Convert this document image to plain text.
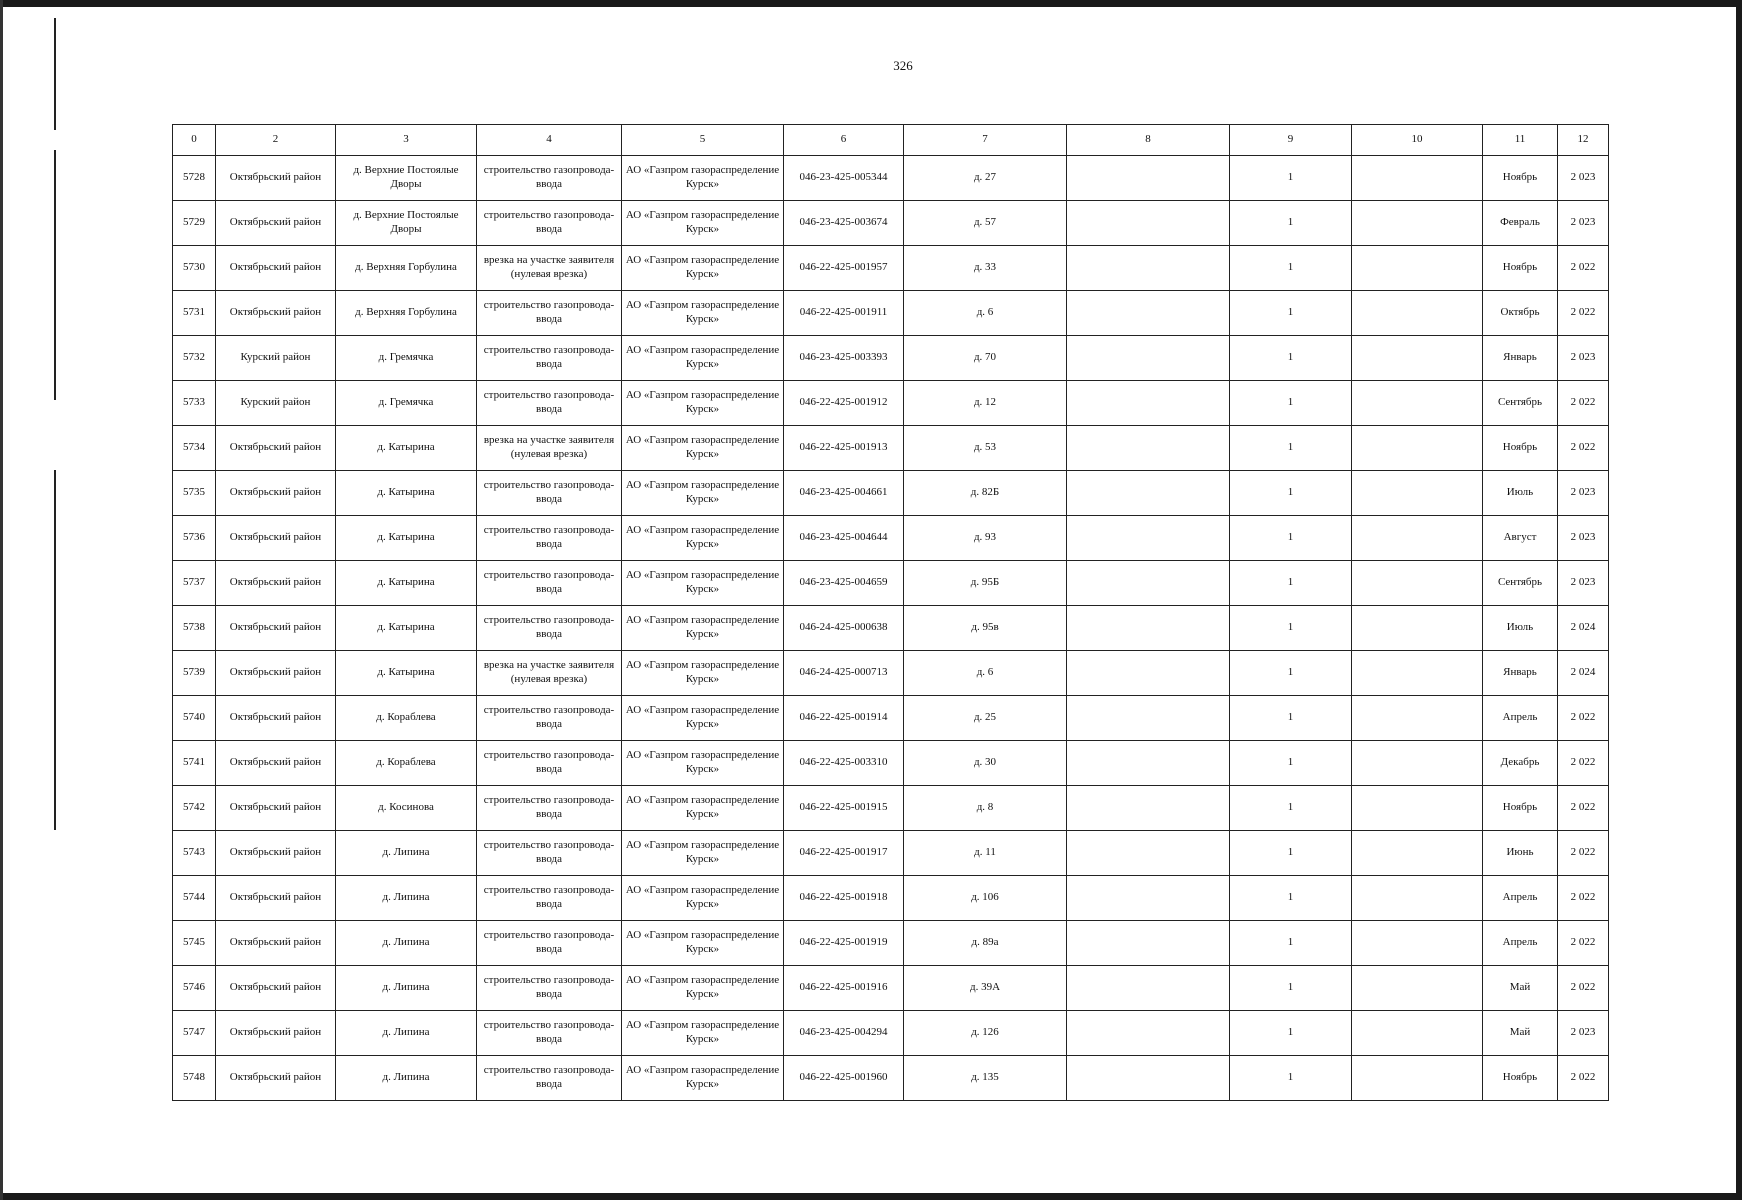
326
0	2	3	4	5	6	7	8	9	10	11	12
5728	Октябрьский район	д. Верхние Постоялые Дворы	строительство газопровода-ввода	АО «Газпром газораспределение Курск»	046-23-425-005344	д. 27		1		Ноябрь	2 023
5729	Октябрьский район	д. Верхние Постоялые Дворы	строительство газопровода-ввода	АО «Газпром газораспределение Курск»	046-23-425-003674	д. 57		1		Февраль	2 023
5730	Октябрьский район	д. Верхняя Горбулина	врезка на участке заявителя (нулевая врезка)	АО «Газпром газораспределение Курск»	046-22-425-001957	д. 33		1		Ноябрь	2 022
5731	Октябрьский район	д. Верхняя Горбулина	строительство газопровода-ввода	АО «Газпром газораспределение Курск»	046-22-425-001911	д. 6		1		Октябрь	2 022
5732	Курский район	д. Гремячка	строительство газопровода-ввода	АО «Газпром газораспределение Курск»	046-23-425-003393	д. 70		1		Январь	2 023
5733	Курский район	д. Гремячка	строительство газопровода-ввода	АО «Газпром газораспределение Курск»	046-22-425-001912	д. 12		1		Сентябрь	2 022
5734	Октябрьский район	д. Катырина	врезка на участке заявителя (нулевая врезка)	АО «Газпром газораспределение Курск»	046-22-425-001913	д. 53		1		Ноябрь	2 022
5735	Октябрьский район	д. Катырина	строительство газопровода-ввода	АО «Газпром газораспределение Курск»	046-23-425-004661	д. 82Б		1		Июль	2 023
5736	Октябрьский район	д. Катырина	строительство газопровода-ввода	АО «Газпром газораспределение Курск»	046-23-425-004644	д. 93		1		Август	2 023
5737	Октябрьский район	д. Катырина	строительство газопровода-ввода	АО «Газпром газораспределение Курск»	046-23-425-004659	д. 95Б		1		Сентябрь	2 023
5738	Октябрьский район	д. Катырина	строительство газопровода-ввода	АО «Газпром газораспределение Курск»	046-24-425-000638	д. 95в		1		Июль	2 024
5739	Октябрьский район	д. Катырина	врезка на участке заявителя (нулевая врезка)	АО «Газпром газораспределение Курск»	046-24-425-000713	д. 6		1		Январь	2 024
5740	Октябрьский район	д. Кораблева	строительство газопровода-ввода	АО «Газпром газораспределение Курск»	046-22-425-001914	д. 25		1		Апрель	2 022
5741	Октябрьский район	д. Кораблева	строительство газопровода-ввода	АО «Газпром газораспределение Курск»	046-22-425-003310	д. 30		1		Декабрь	2 022
5742	Октябрьский район	д. Косинова	строительство газопровода-ввода	АО «Газпром газораспределение Курск»	046-22-425-001915	д. 8		1		Ноябрь	2 022
5743	Октябрьский район	д. Липина	строительство газопровода-ввода	АО «Газпром газораспределение Курск»	046-22-425-001917	д. 11		1		Июнь	2 022
5744	Октябрьский район	д. Липина	строительство газопровода-ввода	АО «Газпром газораспределение Курск»	046-22-425-001918	д. 106		1		Апрель	2 022
5745	Октябрьский район	д. Липина	строительство газопровода-ввода	АО «Газпром газораспределение Курск»	046-22-425-001919	д. 89а		1		Апрель	2 022
5746	Октябрьский район	д. Липина	строительство газопровода-ввода	АО «Газпром газораспределение Курск»	046-22-425-001916	д. 39А		1		Май	2 022
5747	Октябрьский район	д. Липина	строительство газопровода-ввода	АО «Газпром газораспределение Курск»	046-23-425-004294	д. 126		1		Май	2 023
5748	Октябрьский район	д. Липина	строительство газопровода-ввода	АО «Газпром газораспределение Курск»	046-22-425-001960	д. 135		1		Ноябрь	2 022
